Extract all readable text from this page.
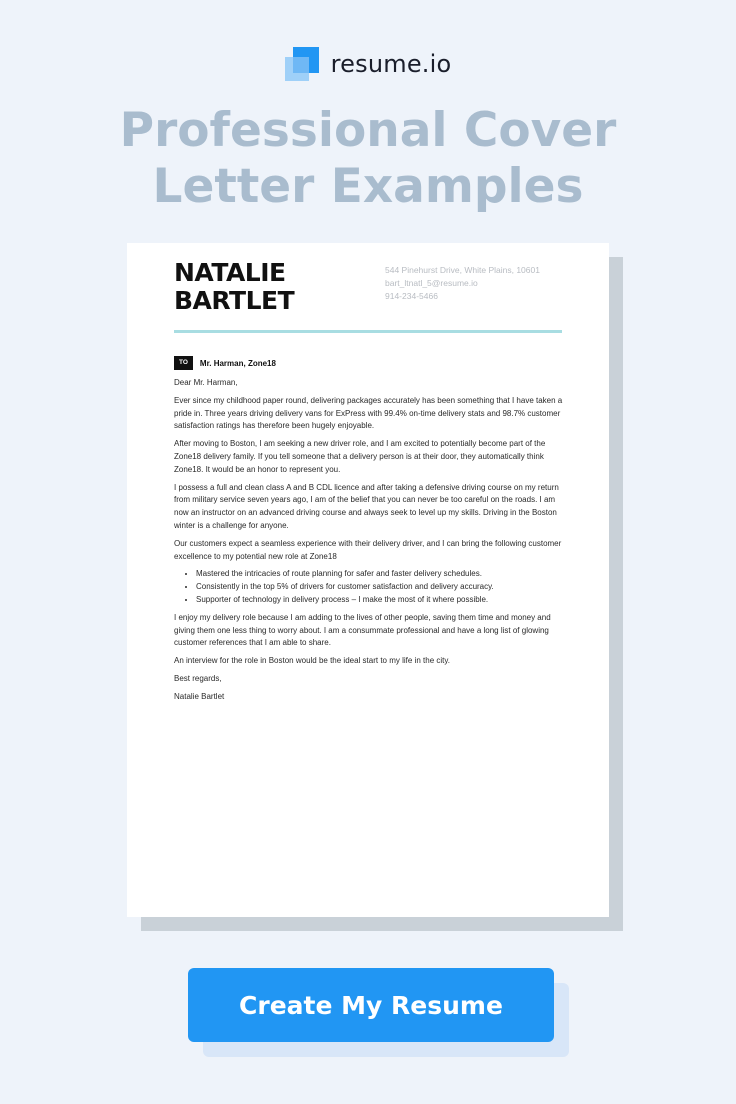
resume.io
Professional Cover
Letter Examples
NATALIE
BARTLET
544 Pinehurst Drive, White Plains, 10601
bart_ltnatl_5@resume.io
914-234-5466
TO	Mr. Harman, Zone18

Dear Mr. Harman,

Ever since my childhood paper round, delivering packages accurately has been something that I have taken a pride in. Three years driving delivery vans for ExPress with 99.4% on-time delivery stats and 98.7% customer satisfaction ratings has therefore been hugely enjoyable.

After moving to Boston, I am seeking a new driver role, and I am excited to potentially become part of the Zone18 delivery family. If you tell someone that a delivery person is at their door, they automatically think Zone18. It would be an honor to represent you.

I possess a full and clean class A and B CDL licence and after taking a defensive driving course on my return from military service seven years ago, I am of the belief that you can never be too careful on the roads. I am now an instructor on an advanced driving course and always seek to level up my skills. Driving in the Boston winter is a challenge for anyone.

Our customers expect a seamless experience with their delivery driver, and I can bring the following customer excellence to my potential new role at Zone18

• Mastered the intricacies of route planning for safer and faster delivery schedules.
• Consistently in the top 5% of drivers for customer satisfaction and delivery accuracy.
• Supporter of technology in delivery process – I make the most of it where possible.

I enjoy my delivery role because I am adding to the lives of other people, saving them time and money and giving them one less thing to worry about. I am a consummate professional and have a long list of glowing customer references that I am able to share.

An interview for the role in Boston would be the ideal start to my life in the city.

Best regards,

Natalie Bartlet

Create My Resume
